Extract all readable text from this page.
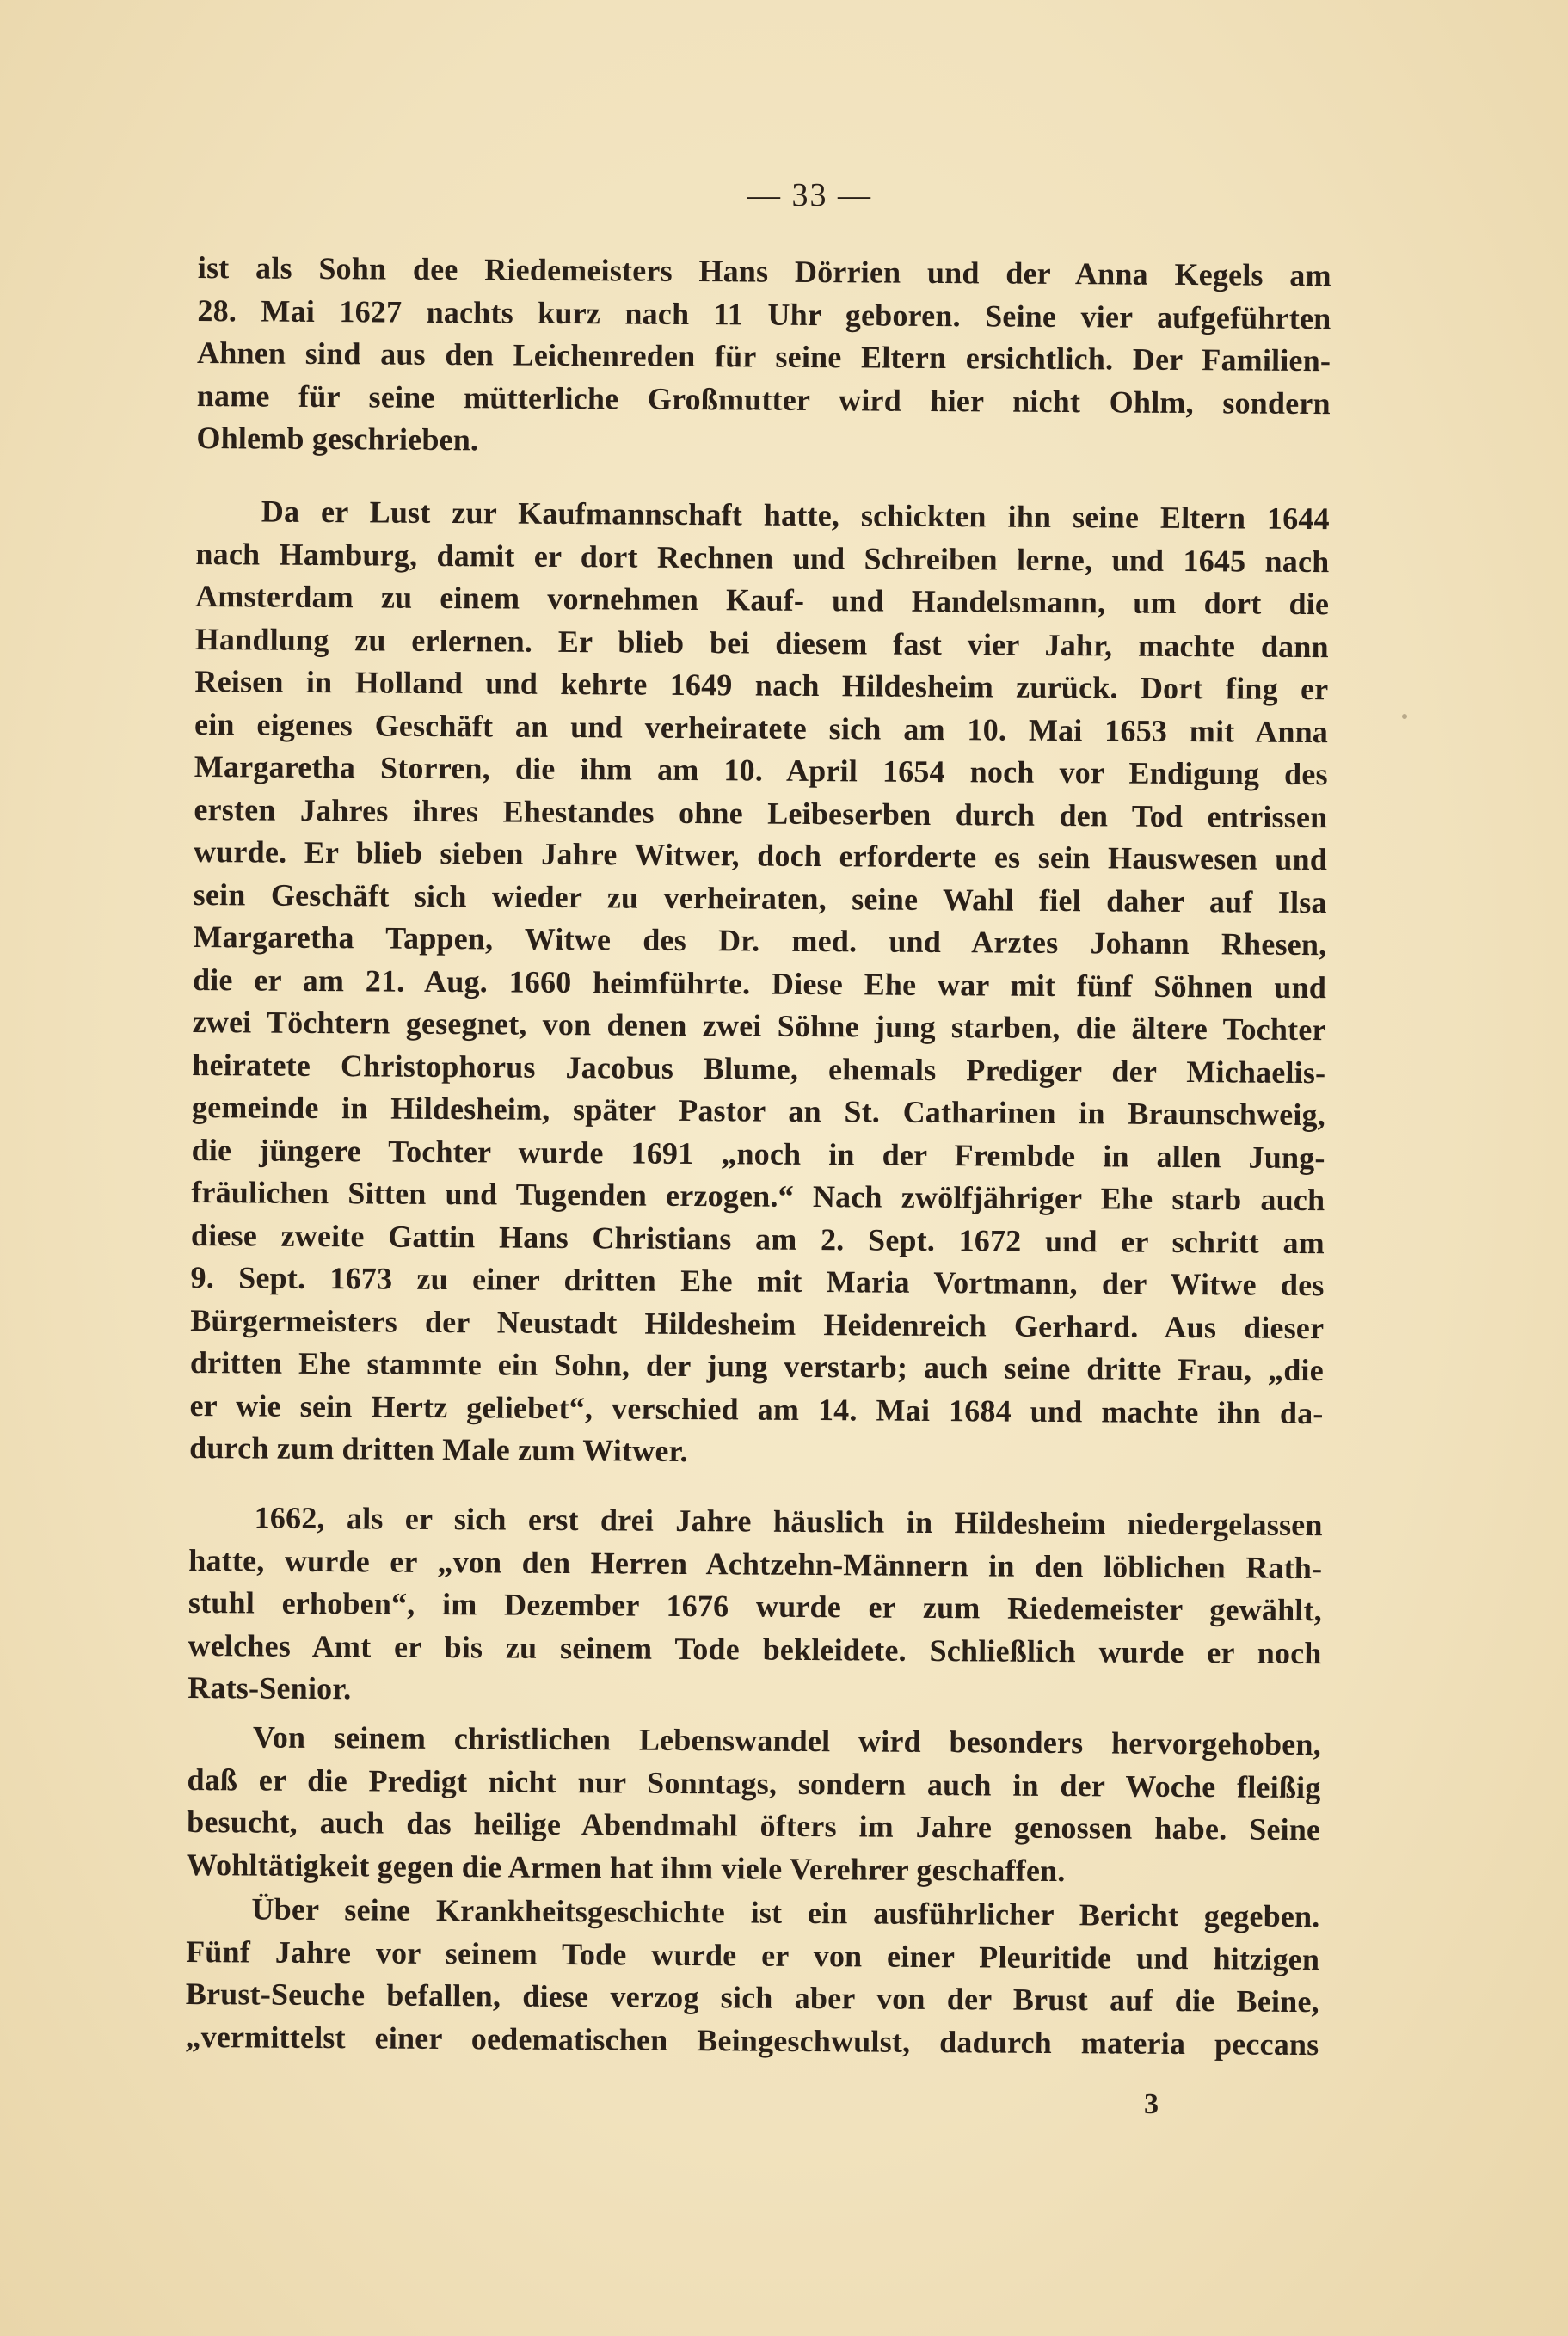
— 33 —
ist als Sohn dee Riedemeisters Hans Dörrien und der Anna Kegels am
28. Mai 1627 nachts kurz nach 11 Uhr geboren. Seine vier aufgeführten
Ahnen sind aus den Leichenreden für seine Eltern ersichtlich. Der Familien-
name für seine mütterliche Großmutter wird hier nicht Ohlm, sondern
Ohlemb geschrieben.
Da er Lust zur Kaufmannschaft hatte, schickten ihn seine Eltern 1644
nach Hamburg, damit er dort Rechnen und Schreiben lerne, und 1645 nach
Amsterdam zu einem vornehmen Kauf- und Handelsmann, um dort die
Handlung zu erlernen. Er blieb bei diesem fast vier Jahr, machte dann
Reisen in Holland und kehrte 1649 nach Hildesheim zurück. Dort fing er
ein eigenes Geschäft an und verheiratete sich am 10. Mai 1653 mit Anna
Margaretha Storren, die ihm am 10. April 1654 noch vor Endigung des
ersten Jahres ihres Ehestandes ohne Leibeserben durch den Tod entrissen
wurde. Er blieb sieben Jahre Witwer, doch erforderte es sein Hauswesen und
sein Geschäft sich wieder zu verheiraten, seine Wahl fiel daher auf Ilsa
Margaretha Tappen, Witwe des Dr. med. und Arztes Johann Rhesen,
die er am 21. Aug. 1660 heimführte. Diese Ehe war mit fünf Söhnen und
zwei Töchtern gesegnet, von denen zwei Söhne jung starben, die ältere Tochter
heiratete Christophorus Jacobus Blume, ehemals Prediger der Michaelis-
gemeinde in Hildesheim, später Pastor an St. Catharinen in Braunschweig,
die jüngere Tochter wurde 1691 „noch in der Frembde in allen Jung-
fräulichen Sitten und Tugenden erzogen.“ Nach zwölfjähriger Ehe starb auch
diese zweite Gattin Hans Christians am 2. Sept. 1672 und er schritt am
9. Sept. 1673 zu einer dritten Ehe mit Maria Vortmann, der Witwe des
Bürgermeisters der Neustadt Hildesheim Heidenreich Gerhard. Aus dieser
dritten Ehe stammte ein Sohn, der jung verstarb; auch seine dritte Frau, „die
er wie sein Hertz geliebet“, verschied am 14. Mai 1684 und machte ihn da-
durch zum dritten Male zum Witwer.
1662, als er sich erst drei Jahre häuslich in Hildesheim niedergelassen
hatte, wurde er „von den Herren Achtzehn-Männern in den löblichen Rath-
stuhl erhoben“, im Dezember 1676 wurde er zum Riedemeister gewählt,
welches Amt er bis zu seinem Tode bekleidete. Schließlich wurde er noch
Rats-Senior.
Von seinem christlichen Lebenswandel wird besonders hervorgehoben,
daß er die Predigt nicht nur Sonntags, sondern auch in der Woche fleißig
besucht, auch das heilige Abendmahl öfters im Jahre genossen habe. Seine
Wohltätigkeit gegen die Armen hat ihm viele Verehrer geschaffen.
Über seine Krankheitsgeschichte ist ein ausführlicher Bericht gegeben.
Fünf Jahre vor seinem Tode wurde er von einer Pleuritide und hitzigen
Brust-Seuche befallen, diese verzog sich aber von der Brust auf die Beine,
„vermittelst einer oedematischen Beingeschwulst, dadurch materia peccans
3
